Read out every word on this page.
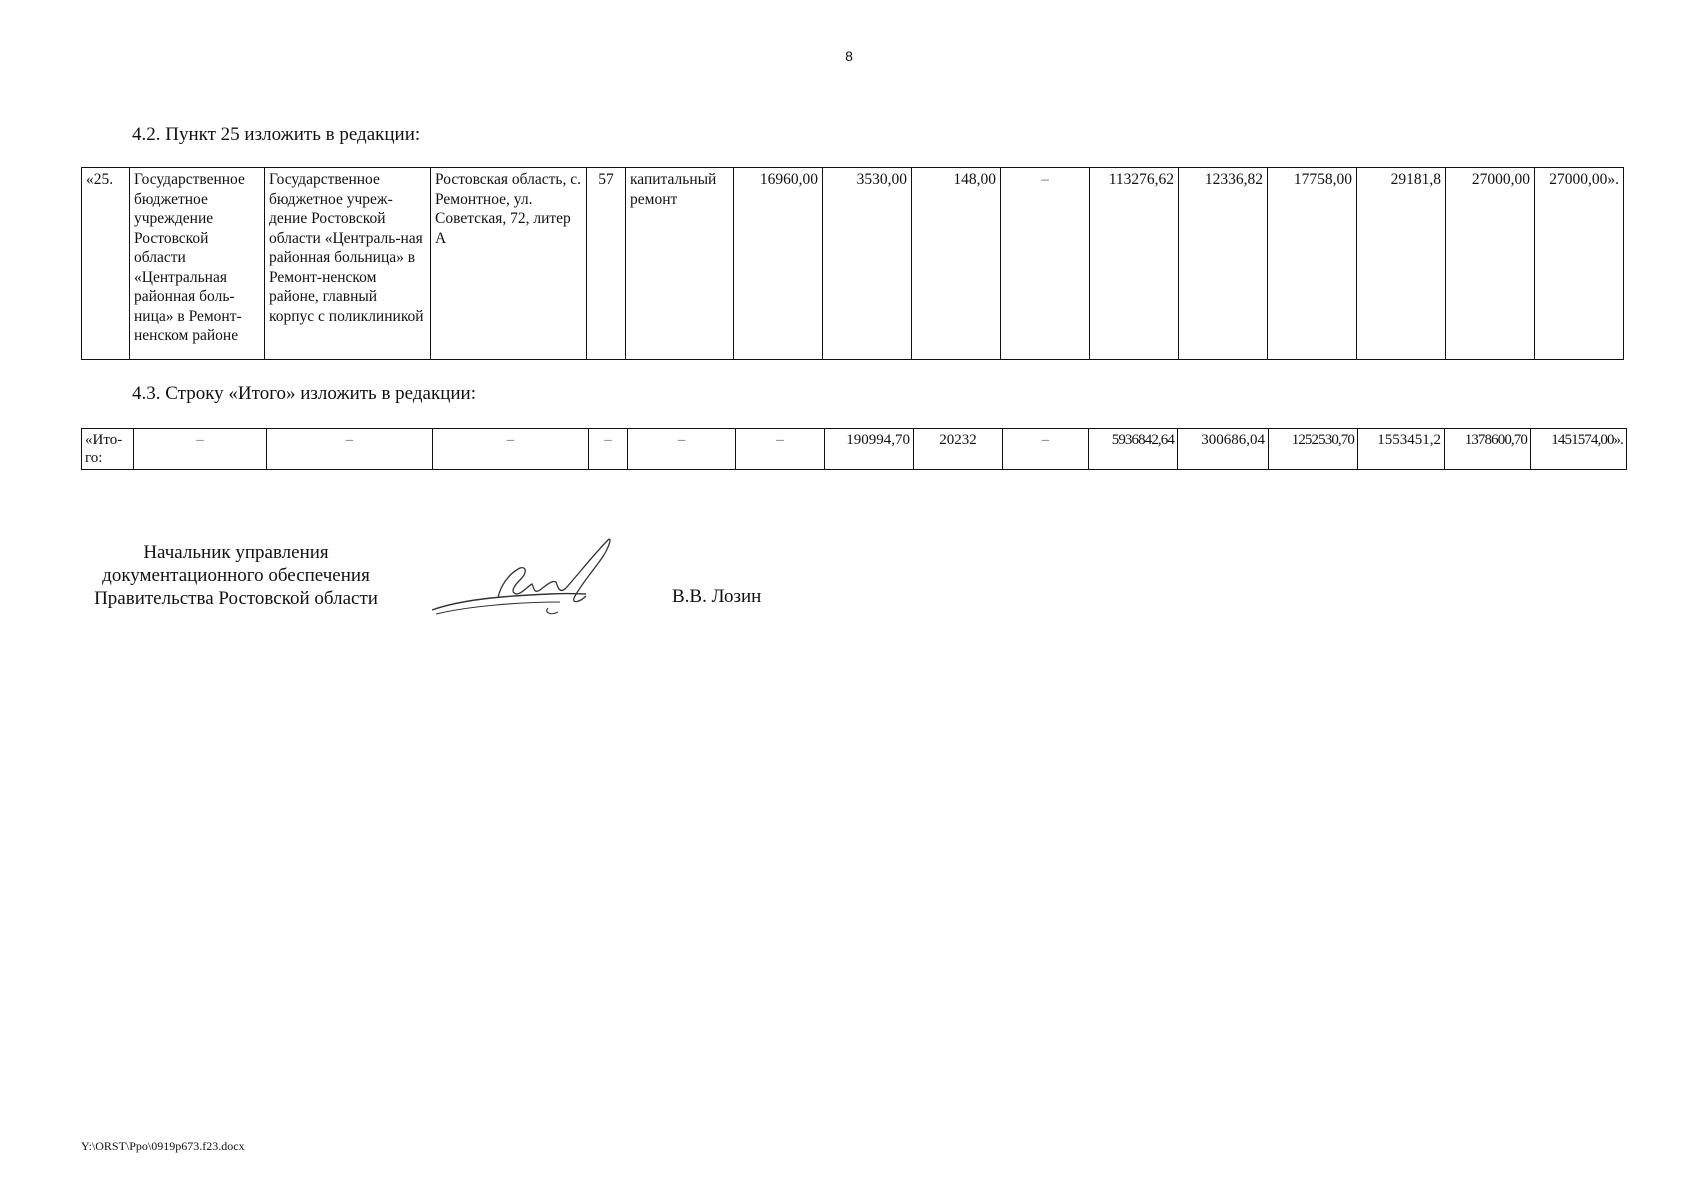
8
4.2. Пункт 25 изложить в редакции:
«25.	Государственное бюджетное учреждение Ростовской области «Центральная районная боль-ница» в Ремонт-ненском районе	Государственное бюджетное учреж-дение Ростовской области «Централь-ная районная больница» в Ремонт-ненском районе, главный корпус с поликлиникой	Ростовская область, с. Ремонтное, ул. Советская, 72, литер А	57	капитальный ремонт	16960,00	3530,00	148,00	–	113276,62	12336,82	17758,00	29181,8	27000,00	27000,00».
4.3. Строку «Итого» изложить в редакции:
«Ито-го:	–	–	–	–	–	–	190994,70	20232	–	5936842,64	300686,04	1252530,70	1553451,2	1378600,70	1451574,00».
Начальник управления
документационного обеспечения
Правительства Ростовской области	В.В. Лозин
Y:\ORST\Ppo\0919p673.f23.docx
